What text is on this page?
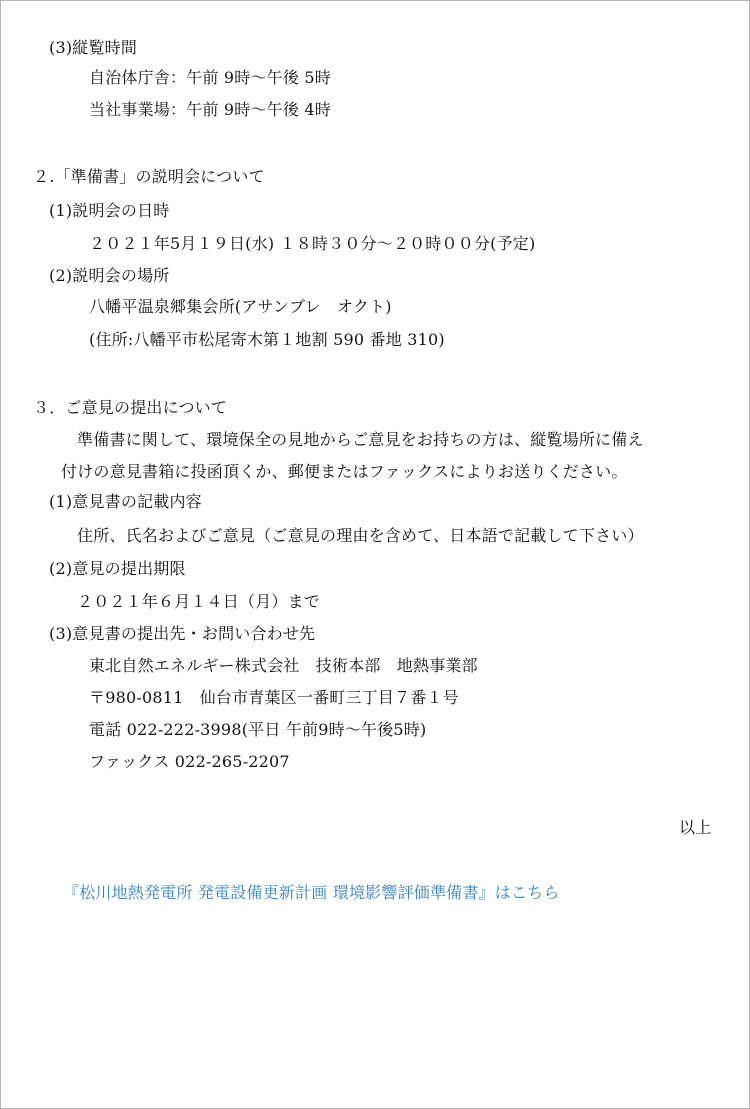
(3)縦覧時間
自治体庁舎：午前 9時～午後 5時
当社事業場：午前 9時～午後 4時
２.「準備書」の説明会について
(1)説明会の日時
２０２１年5月１９日(水) １８時３０分～２０時００分(予定)
(2)説明会の場所
八幡平温泉郷集会所(アサンブレ　オクト)
(住所:八幡平市松尾寄木第１地割 590 番地 310)
３．ご意見の提出について
準備書に関して、環境保全の見地からご意見をお持ちの方は、縦覧場所に備え
付けの意見書箱に投函頂くか、郵便またはファックスによりお送りください。
(1)意見書の記載内容
住所、氏名およびご意見（ご意見の理由を含めて、日本語で記載して下さい）
(2)意見の提出期限
２０２１年６月１４日（月）まで
(3)意見書の提出先・お問い合わせ先
東北自然エネルギー株式会社　技術本部　地熱事業部
〒980-0811　仙台市青葉区一番町三丁目７番１号
電話 022-222-3998(平日 午前9時～午後5時)
ファックス 022-265-2207
以上
『松川地熱発電所 発電設備更新計画 環境影響評価準備書』はこちら
